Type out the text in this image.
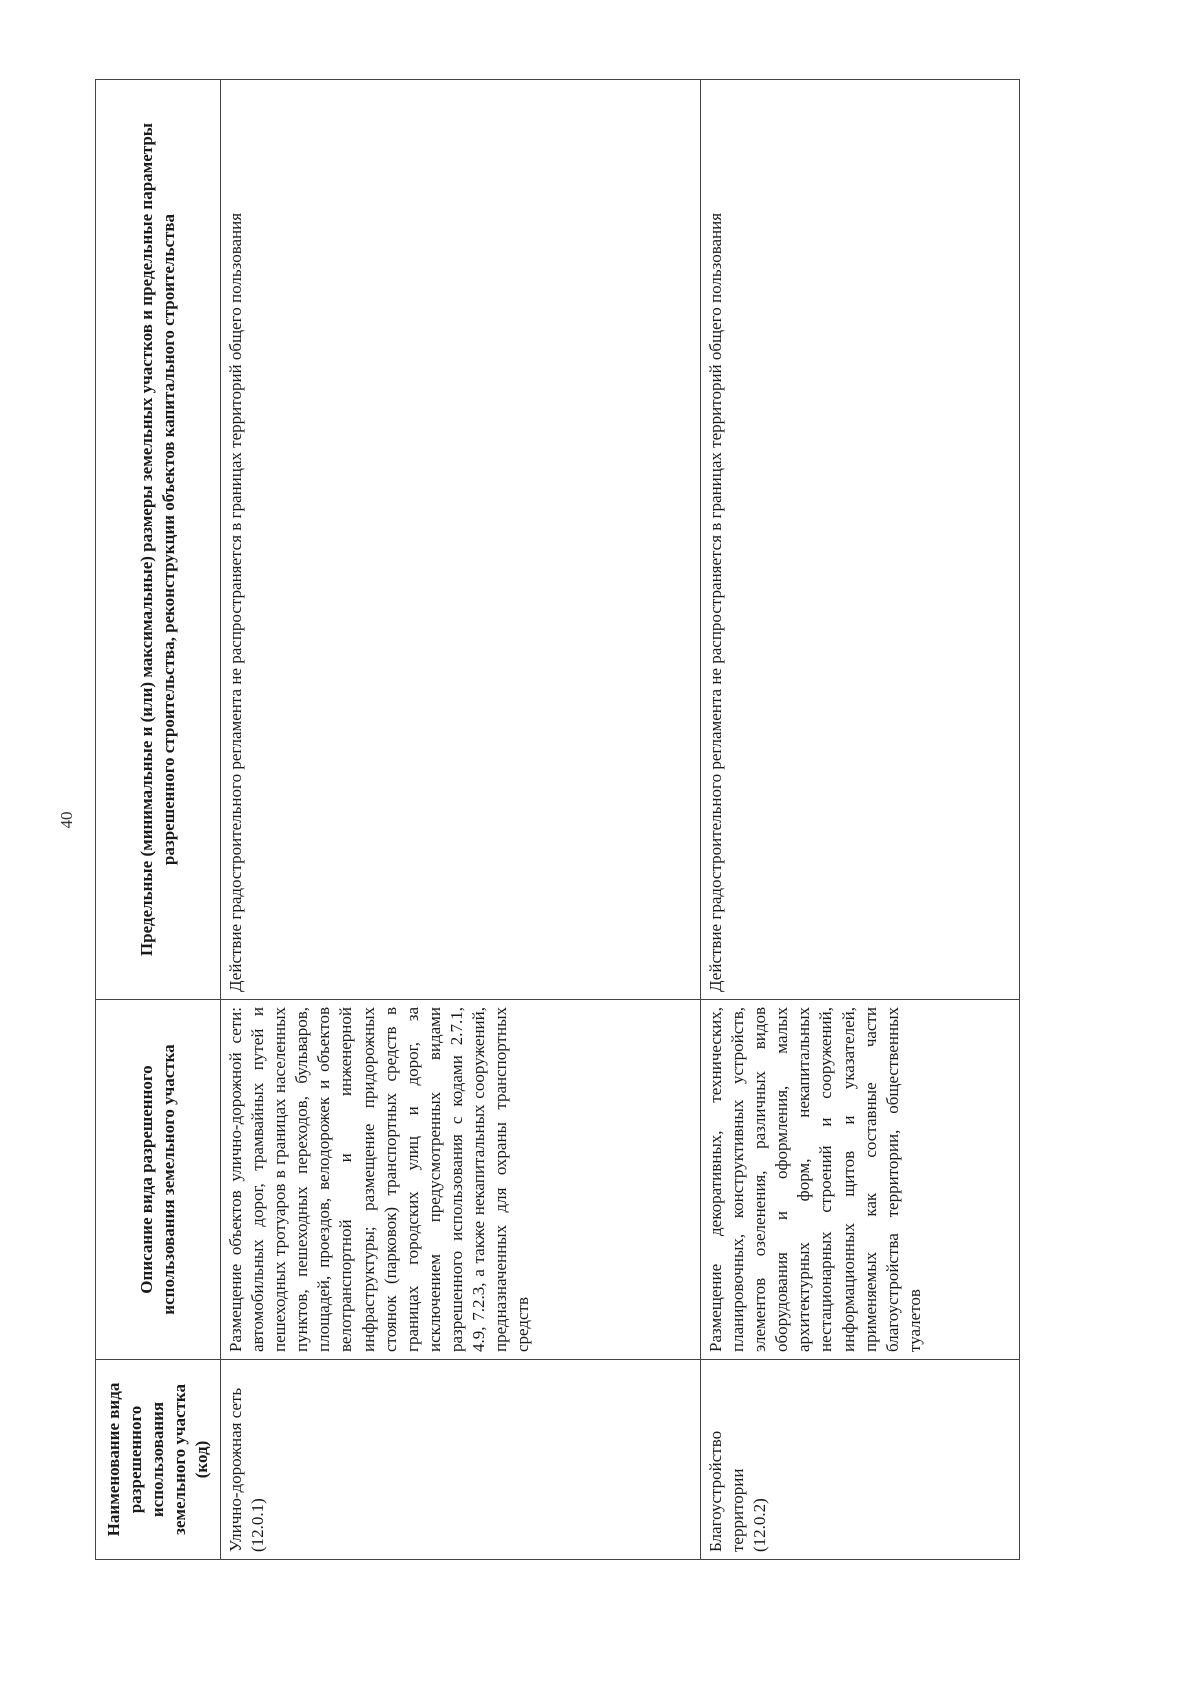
40
Наименование вида разрешенного использования земельного участка (код)	Описание вида разрешенного использования земельного участка	Предельные (минимальные и (или) максимальные) размеры земельных участков и предельные параметры разрешенного строительства, реконструкции объектов капитального строительства

Улично-дорожная сеть (12.0.1)	Размещение объектов улично-дорожной сети: автомобильных дорог, трамвайных путей и пешеходных тротуаров в границах населенных пунктов, пешеходных переходов, бульваров, площадей, проездов, велодорожек и объектов велотранспортной и инженерной инфраструктуры; размещение придорожных стоянок (парковок) транспортных средств в границах городских улиц и дорог, за исключением предусмотренных видами разрешенного использования с кодами 2.7.1, 4.9, 7.2.3, а также некапитальных сооружений, предназначенных для охраны транспортных средств	Действие градостроительного регламента не распространяется в границах территорий общего пользования

Благоустройство территории (12.0.2)	Размещение декоративных, технических, планировочных, конструктивных устройств, элементов озеленения, различных видов оборудования и оформления, малых архитектурных форм, некапитальных нестационарных строений и сооружений, информационных щитов и указателей, применяемых как составные части благоустройства территории, общественных туалетов	Действие градостроительного регламента не распространяется в границах территорий общего пользования
